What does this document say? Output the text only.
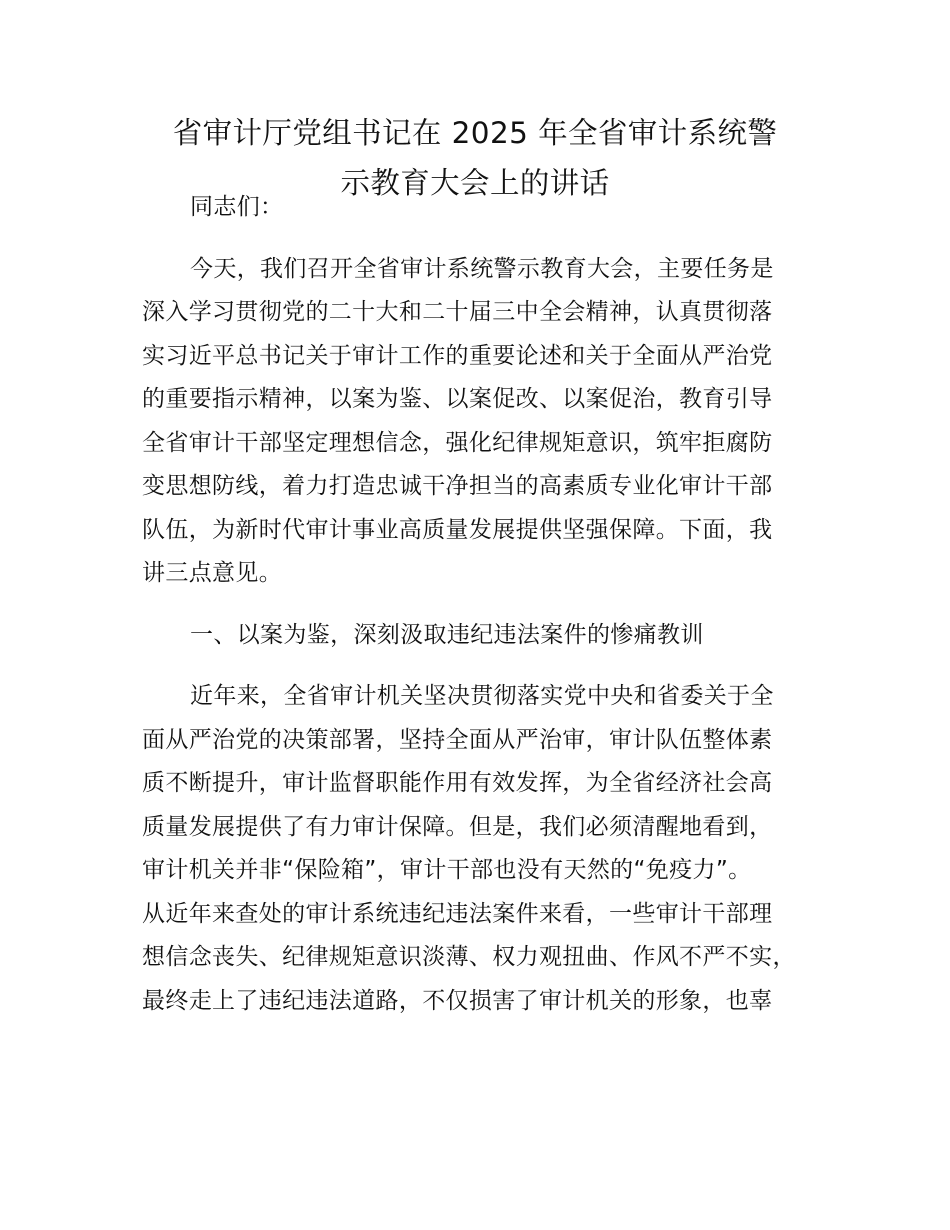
省审计厅党组书记在 2025 年全省审计系统警
示教育大会上的讲话
同志们：
今天，我们召开全省审计系统警示教育大会，主要任务是
深入学习贯彻党的二十大和二十届三中全会精神，认真贯彻落
实习近平总书记关于审计工作的重要论述和关于全面从严治党
的重要指示精神，以案为鉴、以案促改、以案促治，教育引导
全省审计干部坚定理想信念，强化纪律规矩意识，筑牢拒腐防
变思想防线，着力打造忠诚干净担当的高素质专业化审计干部
队伍，为新时代审计事业高质量发展提供坚强保障。下面，我
讲三点意见。
一、以案为鉴，深刻汲取违纪违法案件的惨痛教训
近年来，全省审计机关坚决贯彻落实党中央和省委关于全
面从严治党的决策部署，坚持全面从严治审，审计队伍整体素
质不断提升，审计监督职能作用有效发挥，为全省经济社会高
质量发展提供了有力审计保障。但是，我们必须清醒地看到，
审计机关并非“保险箱”，审计干部也没有天然的“免疫力”。
从近年来查处的审计系统违纪违法案件来看，一些审计干部理
想信念丧失、纪律规矩意识淡薄、权力观扭曲、作风不严不实，
最终走上了违纪违法道路，不仅损害了审计机关的形象，也辜
